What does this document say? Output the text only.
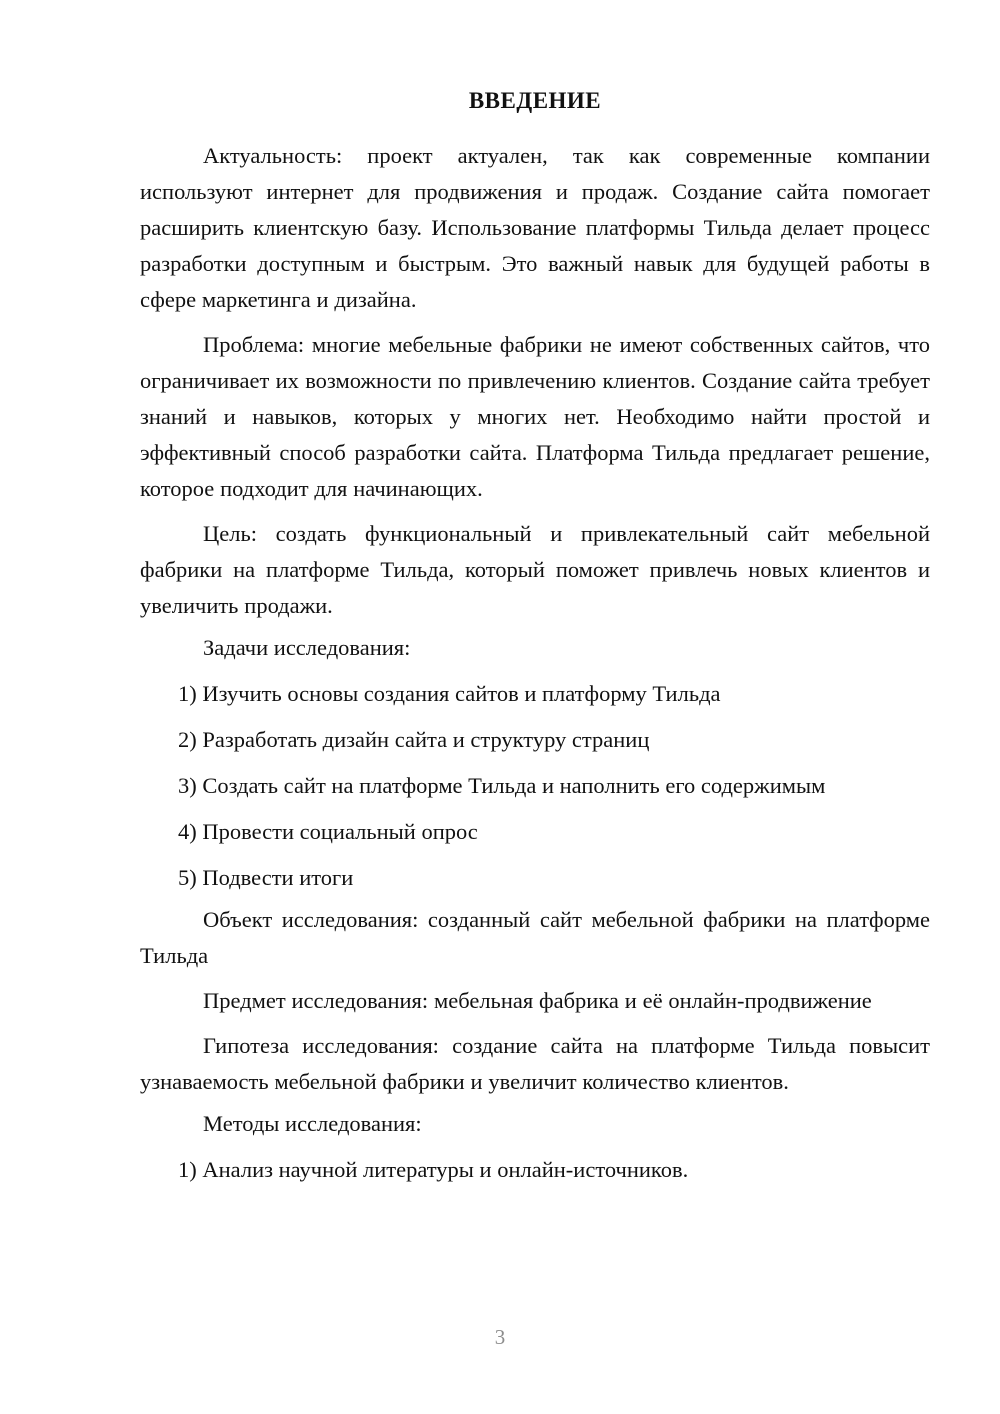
ВВЕДЕНИЕ

Актуальность: проект актуален, так как современные компании используют интернет для продвижения и продаж. Создание сайта помогает расширить клиентскую базу. Использование платформы Тильда делает процесс разработки доступным и быстрым. Это важный навык для будущей работы в сфере маркетинга и дизайна.

Проблема: многие мебельные фабрики не имеют собственных сайтов, что ограничивает их возможности по привлечению клиентов. Создание сайта требует знаний и навыков, которых у многих нет. Необходимо найти простой и эффективный способ разработки сайта. Платформа Тильда предлагает решение, которое подходит для начинающих.

Цель: создать функциональный и привлекательный сайт мебельной фабрики на платформе Тильда, который поможет привлечь новых клиентов и увеличить продажи.

Задачи исследования:

1) Изучить основы создания сайтов и платформу Тильда
2) Разработать дизайн сайта и структуру страниц
3) Создать сайт на платформе Тильда и наполнить его содержимым
4) Провести социальный опрос
5) Подвести итоги

Объект исследования: созданный сайт мебельной фабрики на платформе Тильда

Предмет исследования: мебельная фабрика и её онлайн-продвижение

Гипотеза исследования: создание сайта на платформе Тильда повысит узнаваемость мебельной фабрики и увеличит количество клиентов.

Методы исследования:

1) Анализ научной литературы и онлайн-источников.
3
